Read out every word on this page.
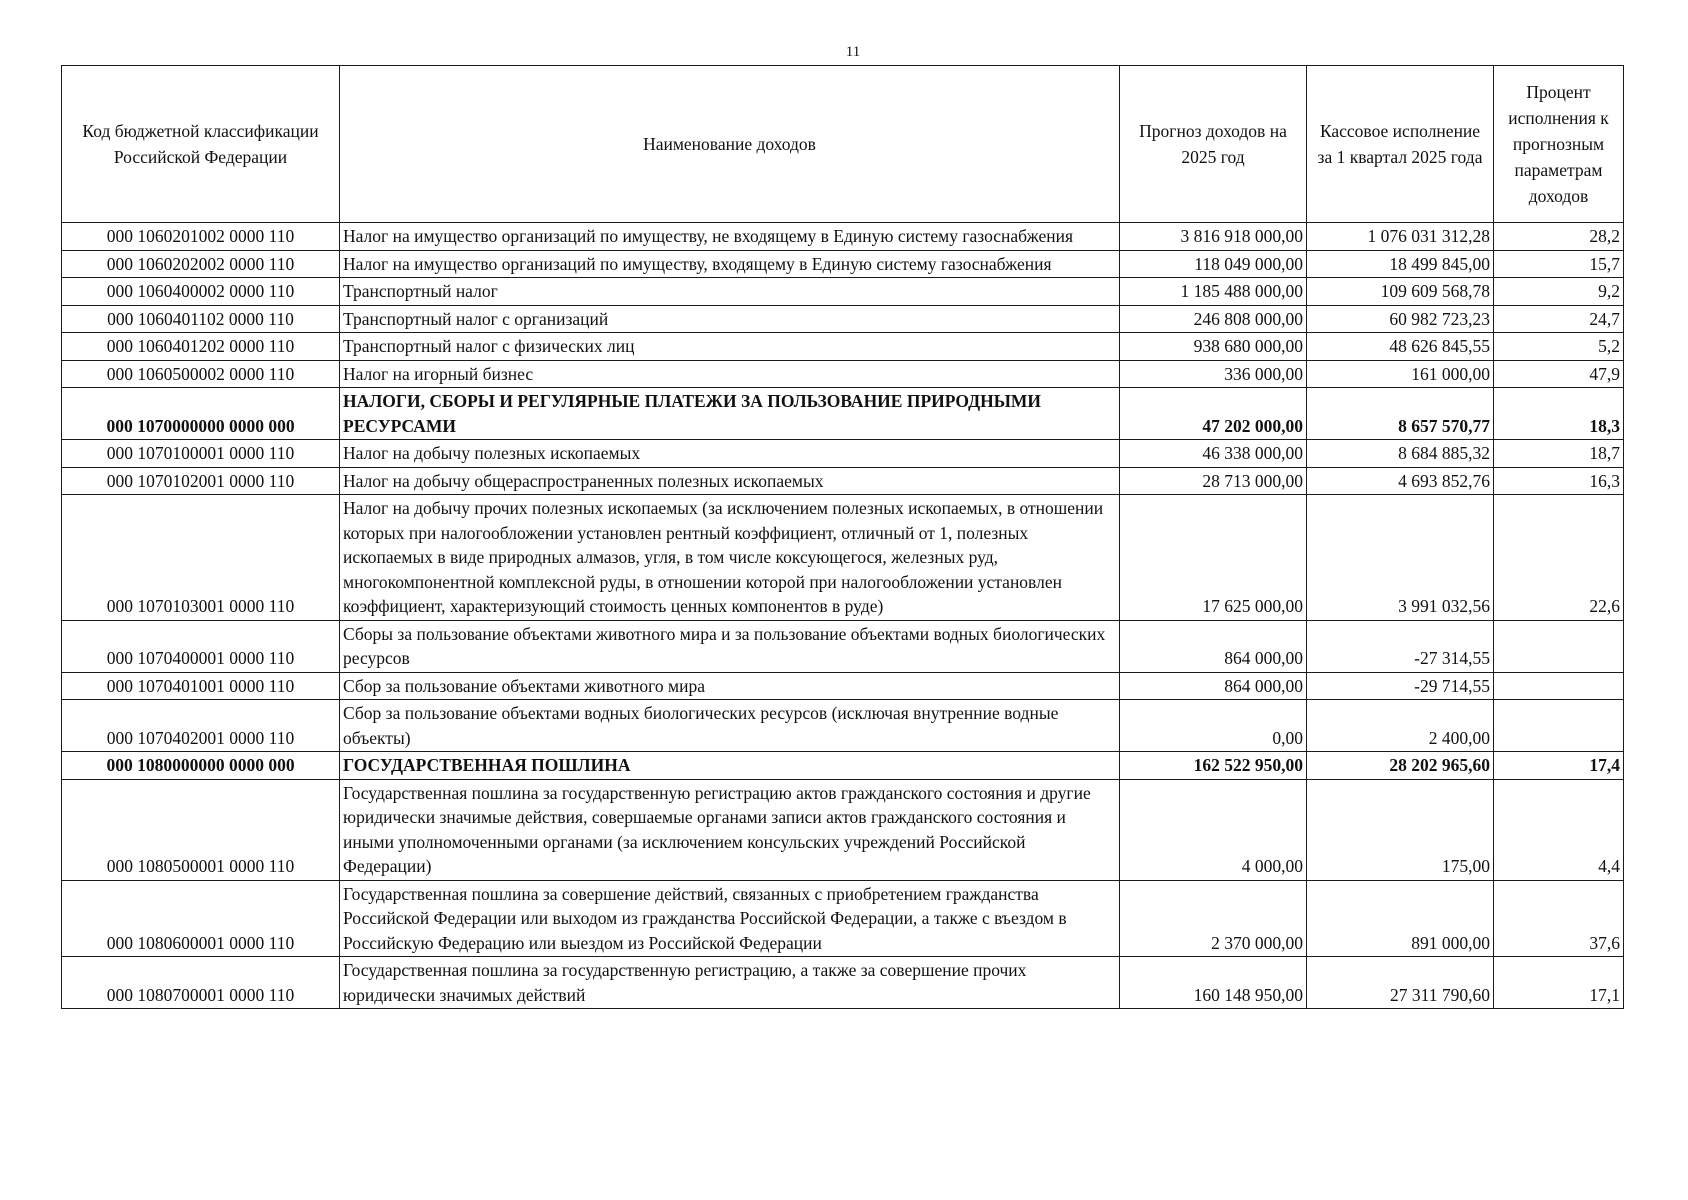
11
Код бюджетной классификации Российской Федерации	Наименование доходов	Прогноз доходов на 2025 год	Кассовое исполнение за 1 квартал 2025 года	Процент исполнения к прогнозным параметрам доходов
000 1060201002 0000 110	Налог на имущество организаций по имуществу, не входящему в Единую систему газоснабжения	3 816 918 000,00	1 076 031 312,28	28,2
000 1060202002 0000 110	Налог на имущество организаций по имуществу, входящему в Единую систему газоснабжения	118 049 000,00	18 499 845,00	15,7
000 1060400002 0000 110	Транспортный налог	1 185 488 000,00	109 609 568,78	9,2
000 1060401102 0000 110	Транспортный налог с организаций	246 808 000,00	60 982 723,23	24,7
000 1060401202 0000 110	Транспортный налог с физических лиц	938 680 000,00	48 626 845,55	5,2
000 1060500002 0000 110	Налог на игорный бизнес	336 000,00	161 000,00	47,9
000 1070000000 0000 000	НАЛОГИ, СБОРЫ И РЕГУЛЯРНЫЕ ПЛАТЕЖИ ЗА ПОЛЬЗОВАНИЕ ПРИРОДНЫМИ РЕСУРСАМИ	47 202 000,00	8 657 570,77	18,3
000 1070100001 0000 110	Налог на добычу полезных ископаемых	46 338 000,00	8 684 885,32	18,7
000 1070102001 0000 110	Налог на добычу общераспространенных полезных ископаемых	28 713 000,00	4 693 852,76	16,3
000 1070103001 0000 110	Налог на добычу прочих полезных ископаемых (за исключением полезных ископаемых, в отношении которых при налогообложении установлен рентный коэффициент, отличный от 1, полезных ископаемых в виде природных алмазов, угля, в том числе коксующегося, железных руд, многокомпонентной комплексной руды, в отношении которой при налогообложении установлен коэффициент, характеризующий стоимость ценных компонентов в руде)	17 625 000,00	3 991 032,56	22,6
000 1070400001 0000 110	Сборы за пользование объектами животного мира и за пользование объектами водных биологических ресурсов	864 000,00	-27 314,55	
000 1070401001 0000 110	Сбор за пользование объектами животного мира	864 000,00	-29 714,55	
000 1070402001 0000 110	Сбор за пользование объектами водных биологических ресурсов (исключая внутренние водные объекты)	0,00	2 400,00	
000 1080000000 0000 000	ГОСУДАРСТВЕННАЯ ПОШЛИНА	162 522 950,00	28 202 965,60	17,4
000 1080500001 0000 110	Государственная пошлина за государственную регистрацию актов гражданского состояния и другие юридически значимые действия, совершаемые органами записи актов гражданского состояния и иными уполномоченными органами (за исключением консульских учреждений Российской Федерации)	4 000,00	175,00	4,4
000 1080600001 0000 110	Государственная пошлина за совершение действий, связанных с приобретением гражданства Российской Федерации или выходом из гражданства Российской Федерации, а также с въездом в Российскую Федерацию или выездом из Российской Федерации	2 370 000,00	891 000,00	37,6
000 1080700001 0000 110	Государственная пошлина за государственную регистрацию, а также за совершение прочих юридически значимых действий	160 148 950,00	27 311 790,60	17,1
